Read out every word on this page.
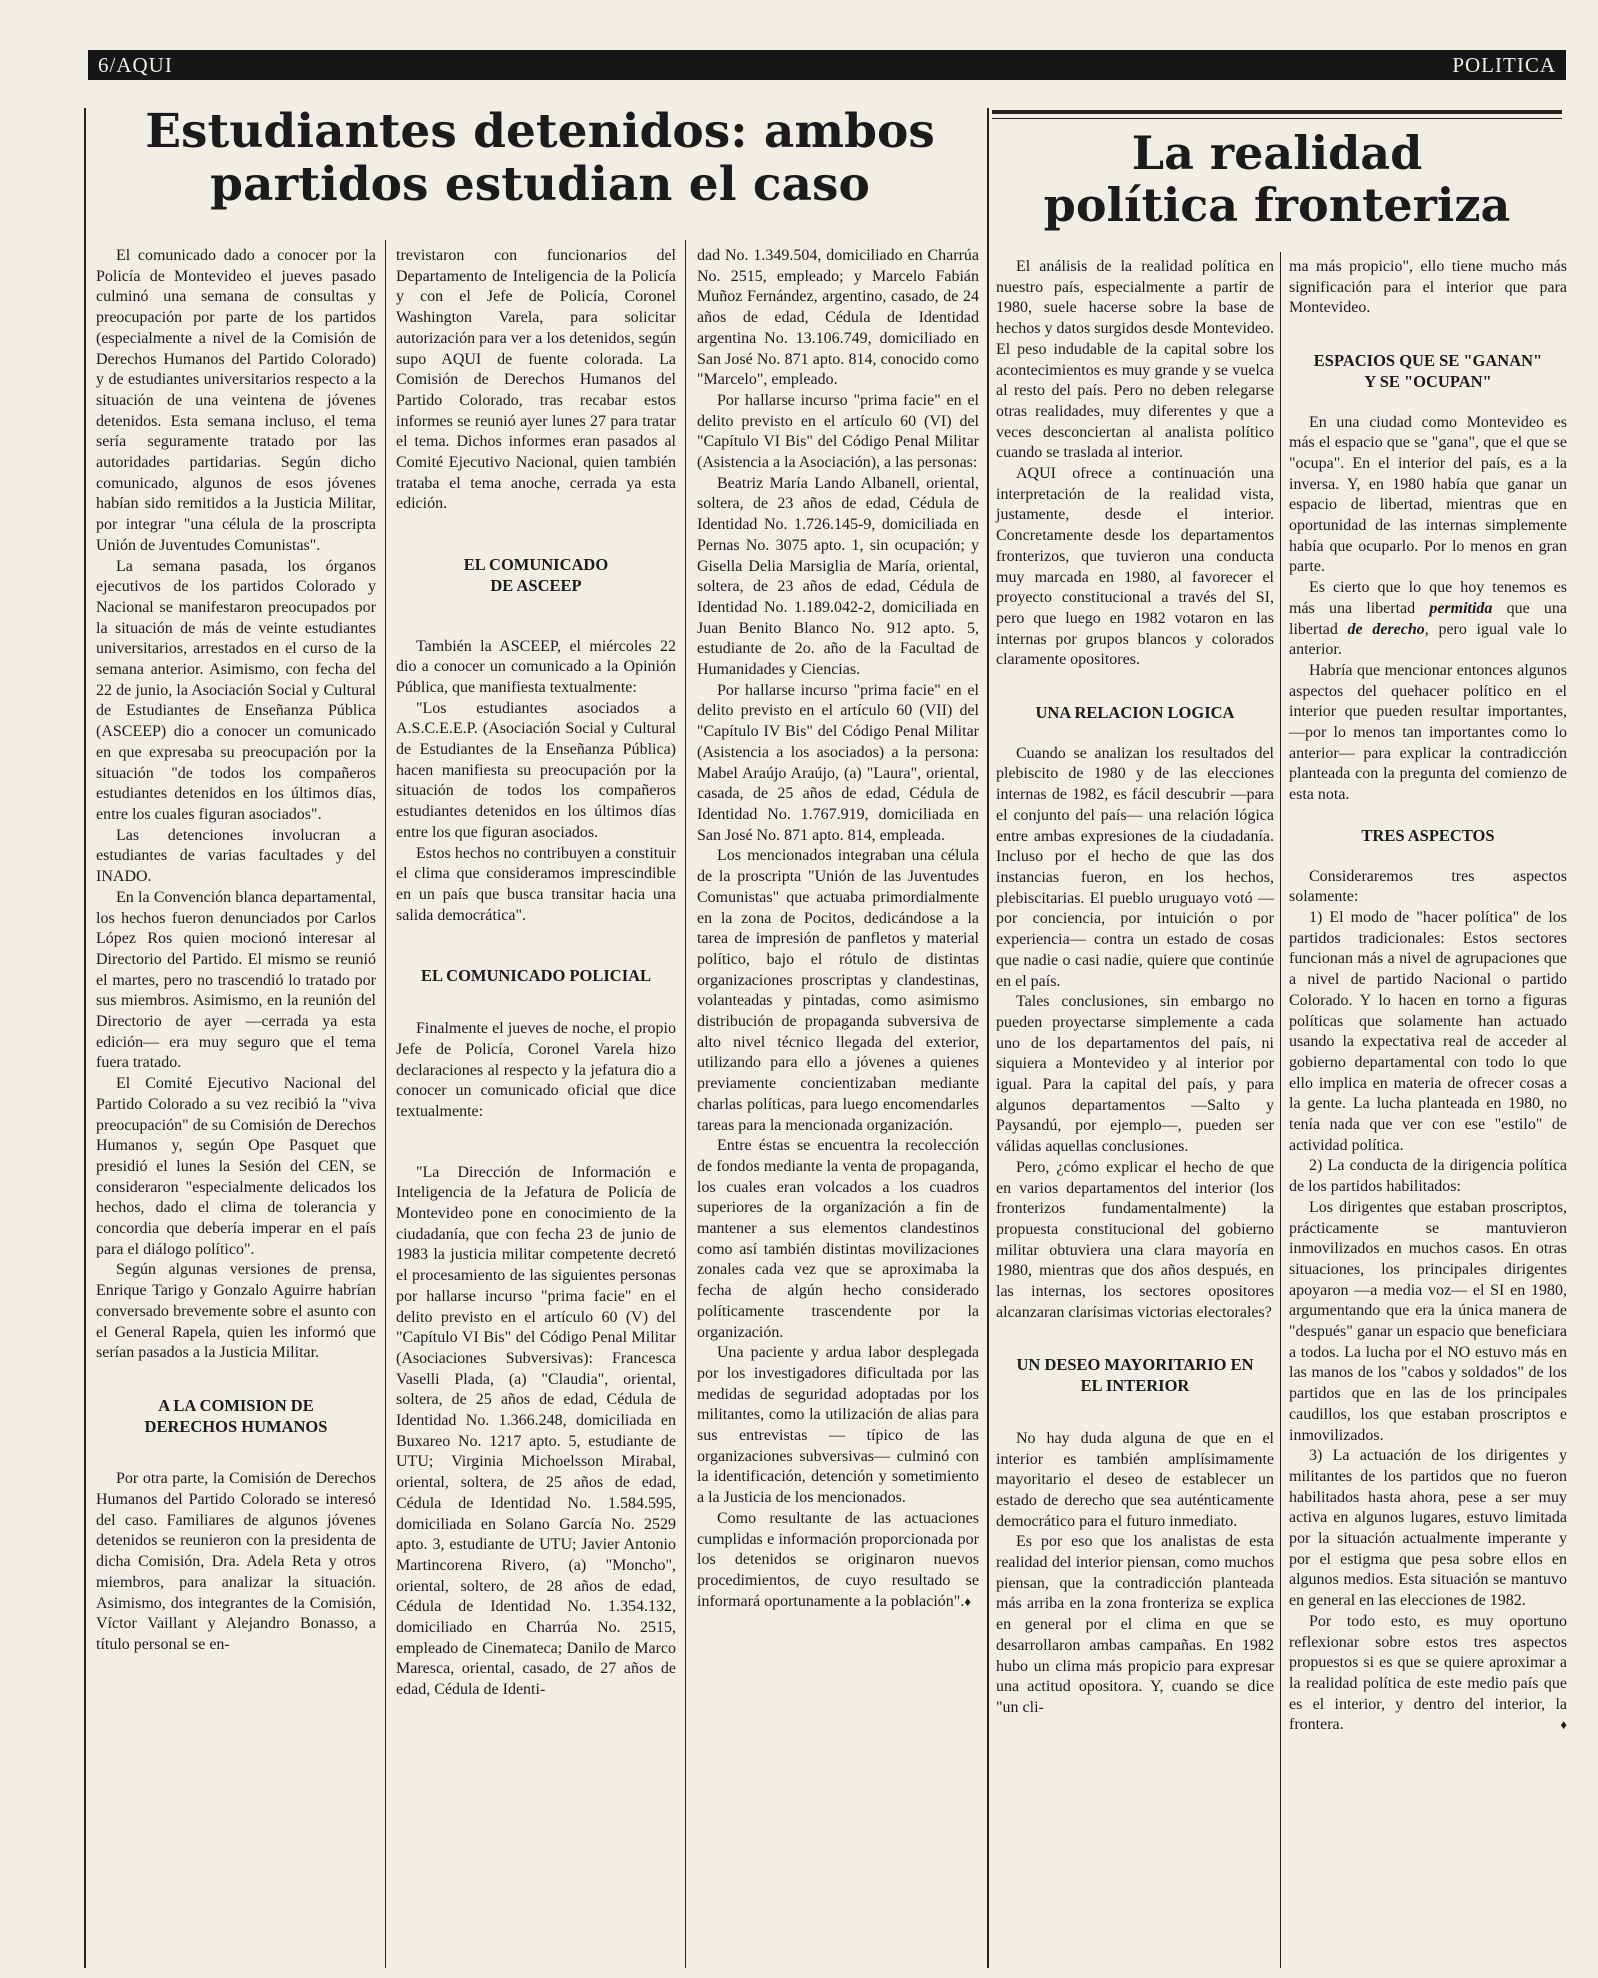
6/AQUI	POLITICA
Estudiantes detenidos: ambos
partidos estudian el caso

El comunicado dado a conocer por la Policía de Montevideo el jueves pasado culminó una semana de consultas y preocupación por parte de los partidos (especialmente a nivel de la Comisión de Derechos Humanos del Partido Colorado) y de estudiantes universitarios respecto a la situación de una veintena de jóvenes detenidos. Esta semana incluso, el tema sería seguramente tratado por las autoridades partidarias. Según dicho comunicado, algunos de esos jóvenes habían sido remitidos a la Justicia Militar, por integrar "una célula de la proscripta Unión de Juventudes Comunistas".

La semana pasada, los órganos ejecutivos de los partidos Colorado y Nacional se manifestaron preocupados por la situación de más de veinte estudiantes universitarios, arrestados en el curso de la semana anterior. Asimismo, con fecha del 22 de junio, la Asociación Social y Cultural de Estudiantes de Enseñanza Pública (ASCEEP) dio a conocer un comunicado en que expresaba su preocupación por la situación "de todos los compañeros estudiantes detenidos en los últimos días, entre los cuales figuran asociados".

Las detenciones involucran a estudiantes de varias facultades y del INADO.

En la Convención blanca departamental, los hechos fueron denunciados por Carlos López Ros quien mocionó interesar al Directorio del Partido. El mismo se reunió el martes, pero no trascendió lo tratado por sus miembros. Asimismo, en la reunión del Directorio de ayer —cerrada ya esta edición— era muy seguro que el tema fuera tratado.

El Comité Ejecutivo Nacional del Partido Colorado a su vez recibió la "viva preocupación" de su Comisión de Derechos Humanos y, según Ope Pasquet que presidió el lunes la Sesión del CEN, se consideraron "especialmente delicados los hechos, dado el clima de tolerancia y concordia que debería imperar en el país para el diálogo político".

Según algunas versiones de prensa, Enrique Tarigo y Gonzalo Aguirre habrían conversado brevemente sobre el asunto con el General Rapela, quien les informó que serían pasados a la Justicia Militar.

A LA COMISION DE DERECHOS HUMANOS

Por otra parte, la Comisión de Derechos Humanos del Partido Colorado se interesó del caso. Familiares de algunos jóvenes detenidos se reunieron con la presidenta de dicha Comisión, Dra. Adela Reta y otros miembros, para analizar la situación. Asimismo, dos integrantes de la Comisión, Víctor Vaillant y Alejandro Bonasso, a título personal se en-

trevistaron con funcionarios del Departamento de Inteligencia de la Policía y con el Jefe de Policía, Coronel Washington Varela, para solicitar autorización para ver a los detenidos, según supo AQUI de fuente colorada. La Comisión de Derechos Humanos del Partido Colorado, tras recabar estos informes se reunió ayer lunes 27 para tratar el tema. Dichos informes eran pasados al Comité Ejecutivo Nacional, quien también trataba el tema anoche, cerrada ya esta edición.

EL COMUNICADO DE ASCEEP

También la ASCEEP, el miércoles 22 dio a conocer un comunicado a la Opinión Pública, que manifiesta textualmente:

"Los estudiantes asociados a A.S.C.E.E.P. (Asociación Social y Cultural de Estudiantes de la Enseñanza Pública) hacen manifiesta su preocupación por la situación de todos los compañeros estudiantes detenidos en los últimos días entre los que figuran asociados.

Estos hechos no contribuyen a constituir el clima que consideramos imprescindible en un país que busca transitar hacia una salida democrática".

EL COMUNICADO POLICIAL

Finalmente el jueves de noche, el propio Jefe de Policía, Coronel Varela hizo declaraciones al respecto y la jefatura dio a conocer un comunicado oficial que dice textualmente:

"La Dirección de Información e Inteligencia de la Jefatura de Policía de Montevideo pone en conocimiento de la ciudadanía, que con fecha 23 de junio de 1983 la justicia militar competente decretó el procesamiento de las siguientes personas por hallarse incurso "prima facie" en el delito previsto en el artículo 60 (V) del "Capítulo VI Bis" del Código Penal Militar (Asociaciones Subversivas): Francesca Vaselli Plada, (a) "Claudia", oriental, soltera, de 25 años de edad, Cédula de Identidad No. 1.366.248, domiciliada en Buxareo No. 1217 apto. 5, estudiante de UTU; Virginia Michoelsson Mirabal, oriental, soltera, de 25 años de edad, Cédula de Identidad No. 1.584.595, domiciliada en Solano García No. 2529 apto. 3, estudiante de UTU; Javier Antonio Martincorena Rivero, (a) "Moncho", oriental, soltero, de 28 años de edad, Cédula de Identidad No. 1.354.132, domiciliado en Charrúa No. 2515, empleado de Cinemateca; Danilo de Marco Maresca, oriental, casado, de 27 años de edad, Cédula de Identi-

dad No. 1.349.504, domiciliado en Charrúa No. 2515, empleado; y Marcelo Fabián Muñoz Fernández, argentino, casado, de 24 años de edad, Cédula de Identidad argentina No. 13.106.749, domiciliado en San José No. 871 apto. 814, conocido como "Marcelo", empleado.

Por hallarse incurso "prima facie" en el delito previsto en el artículo 60 (VI) del "Capítulo VI Bis" del Código Penal Militar (Asistencia a la Asociación), a las personas:

Beatriz María Lando Albanell, oriental, soltera, de 23 años de edad, Cédula de Identidad No. 1.726.145-9, domiciliada en Pernas No. 3075 apto. 1, sin ocupación; y Gisella Delia Marsiglia de María, oriental, soltera, de 23 años de edad, Cédula de Identidad No. 1.189.042-2, domiciliada en Juan Benito Blanco No. 912 apto. 5, estudiante de 2o. año de la Facultad de Humanidades y Ciencias.

Por hallarse incurso "prima facie" en el delito previsto en el artículo 60 (VII) del "Capítulo IV Bis" del Código Penal Militar (Asistencia a los asociados) a la persona: Mabel Araújo Araújo, (a) "Laura", oriental, casada, de 25 años de edad, Cédula de Identidad No. 1.767.919, domiciliada en San José No. 871 apto. 814, empleada.

Los mencionados integraban una célula de la proscripta "Unión de las Juventudes Comunistas" que actuaba primordialmente en la zona de Pocitos, dedicándose a la tarea de impresión de panfletos y material político, bajo el rótulo de distintas organizaciones proscriptas y clandestinas, volanteadas y pintadas, como asimismo distribución de propaganda subversiva de alto nivel técnico llegada del exterior, utilizando para ello a jóvenes a quienes previamente concientizaban mediante charlas políticas, para luego encomendarles tareas para la mencionada organización.

Entre éstas se encuentra la recolección de fondos mediante la venta de propaganda, los cuales eran volcados a los cuadros superiores de la organización a fin de mantener a sus elementos clandestinos como así también distintas movilizaciones zonales cada vez que se aproximaba la fecha de algún hecho considerado políticamente trascendente por la organización.

Una paciente y ardua labor desplegada por los investigadores dificultada por las medidas de seguridad adoptadas por los militantes, como la utilización de alias para sus entrevistas — típico de las organizaciones subversivas— culminó con la identificación, detención y sometimiento a la Justicia de los mencionados.

Como resultante de las actuaciones cumplidas e información proporcionada por los detenidos se originaron nuevos procedimientos, de cuyo resultado se informará oportunamente a la población".♦

La realidad
política fronteriza

El análisis de la realidad política en nuestro país, especialmente a partir de 1980, suele hacerse sobre la base de hechos y datos surgidos desde Montevideo. El peso indudable de la capital sobre los acontecimientos es muy grande y se vuelca al resto del país. Pero no deben relegarse otras realidades, muy diferentes y que a veces desconciertan al analista político cuando se traslada al interior.

AQUI ofrece a continuación una interpretación de la realidad vista, justamente, desde el interior. Concretamente desde los departamentos fronterizos, que tuvieron una conducta muy marcada en 1980, al favorecer el proyecto constitucional a través del SI, pero que luego en 1982 votaron en las internas por grupos blancos y colorados claramente opositores.

UNA RELACION LOGICA

Cuando se analizan los resultados del plebiscito de 1980 y de las elecciones internas de 1982, es fácil descubrir —para el conjunto del país— una relación lógica entre ambas expresiones de la ciudadanía. Incluso por el hecho de que las dos instancias fueron, en los hechos, plebiscitarias. El pueblo uruguayo votó —por conciencia, por intuición o por experiencia— contra un estado de cosas que nadie o casi nadie, quiere que continúe en el país.

Tales conclusiones, sin embargo no pueden proyectarse simplemente a cada uno de los departamentos del país, ni siquiera a Montevideo y al interior por igual. Para la capital del país, y para algunos departamentos —Salto y Paysandú, por ejemplo—, pueden ser válidas aquellas conclusiones.

Pero, ¿cómo explicar el hecho de que en varios departamentos del interior (los fronterizos fundamentalmente) la propuesta constitucional del gobierno militar obtuviera una clara mayoría en 1980, mientras que dos años después, en las internas, los sectores opositores alcanzaran clarísimas victorias electorales?

UN DESEO MAYORITARIO EN EL INTERIOR

No hay duda alguna de que en el interior es también amplísimamente mayoritario el deseo de establecer un estado de derecho que sea auténticamente democrático para el futuro inmediato.

Es por eso que los analistas de esta realidad del interior piensan, como muchos piensan, que la contradicción planteada más arriba en la zona fronteriza se explica en general por el clima en que se desarrollaron ambas campañas. En 1982 hubo un clima más propicio para expresar una actitud opositora. Y, cuando se dice "un cli-

ma más propicio", ello tiene mucho más significación para el interior que para Montevideo.

ESPACIOS QUE SE "GANAN" Y SE "OCUPAN"

En una ciudad como Montevideo es más el espacio que se "gana", que el que se "ocupa". En el interior del país, es a la inversa. Y, en 1980 había que ganar un espacio de libertad, mientras que en oportunidad de las internas simplemente había que ocuparlo. Por lo menos en gran parte.

Es cierto que lo que hoy tenemos es más una libertad permitida que una libertad de derecho, pero igual vale lo anterior.

Habría que mencionar entonces algunos aspectos del quehacer político en el interior que pueden resultar importantes, —por lo menos tan importantes como lo anterior— para explicar la contradicción planteada con la pregunta del comienzo de esta nota.

TRES ASPECTOS

Consideraremos tres aspectos solamente:

1) El modo de "hacer política" de los partidos tradicionales: Estos sectores funcionan más a nivel de agrupaciones que a nivel de partido Nacional o partido Colorado. Y lo hacen en torno a figuras políticas que solamente han actuado usando la expectativa real de acceder al gobierno departamental con todo lo que ello implica en materia de ofrecer cosas a la gente. La lucha planteada en 1980, no tenía nada que ver con ese "estilo" de actividad política.

2) La conducta de la dirigencia política de los partidos habilitados:

Los dirigentes que estaban proscriptos, prácticamente se mantuvieron inmovilizados en muchos casos. En otras situaciones, los principales dirigentes apoyaron —a media voz— el SI en 1980, argumentando que era la única manera de "después" ganar un espacio que beneficiara a todos. La lucha por el NO estuvo más en las manos de los "cabos y soldados" de los partidos que en las de los principales caudillos, los que estaban proscriptos e inmovilizados.

3) La actuación de los dirigentes y militantes de los partidos que no fueron habilitados hasta ahora, pese a ser muy activa en algunos lugares, estuvo limitada por la situación actualmente imperante y por el estigma que pesa sobre ellos en algunos medios. Esta situación se mantuvo en general en las elecciones de 1982.

Por todo esto, es muy oportuno reflexionar sobre estos tres aspectos propuestos si es que se quiere aproximar a la realidad política de este medio país que es el interior, y dentro del interior, la frontera.	♦
